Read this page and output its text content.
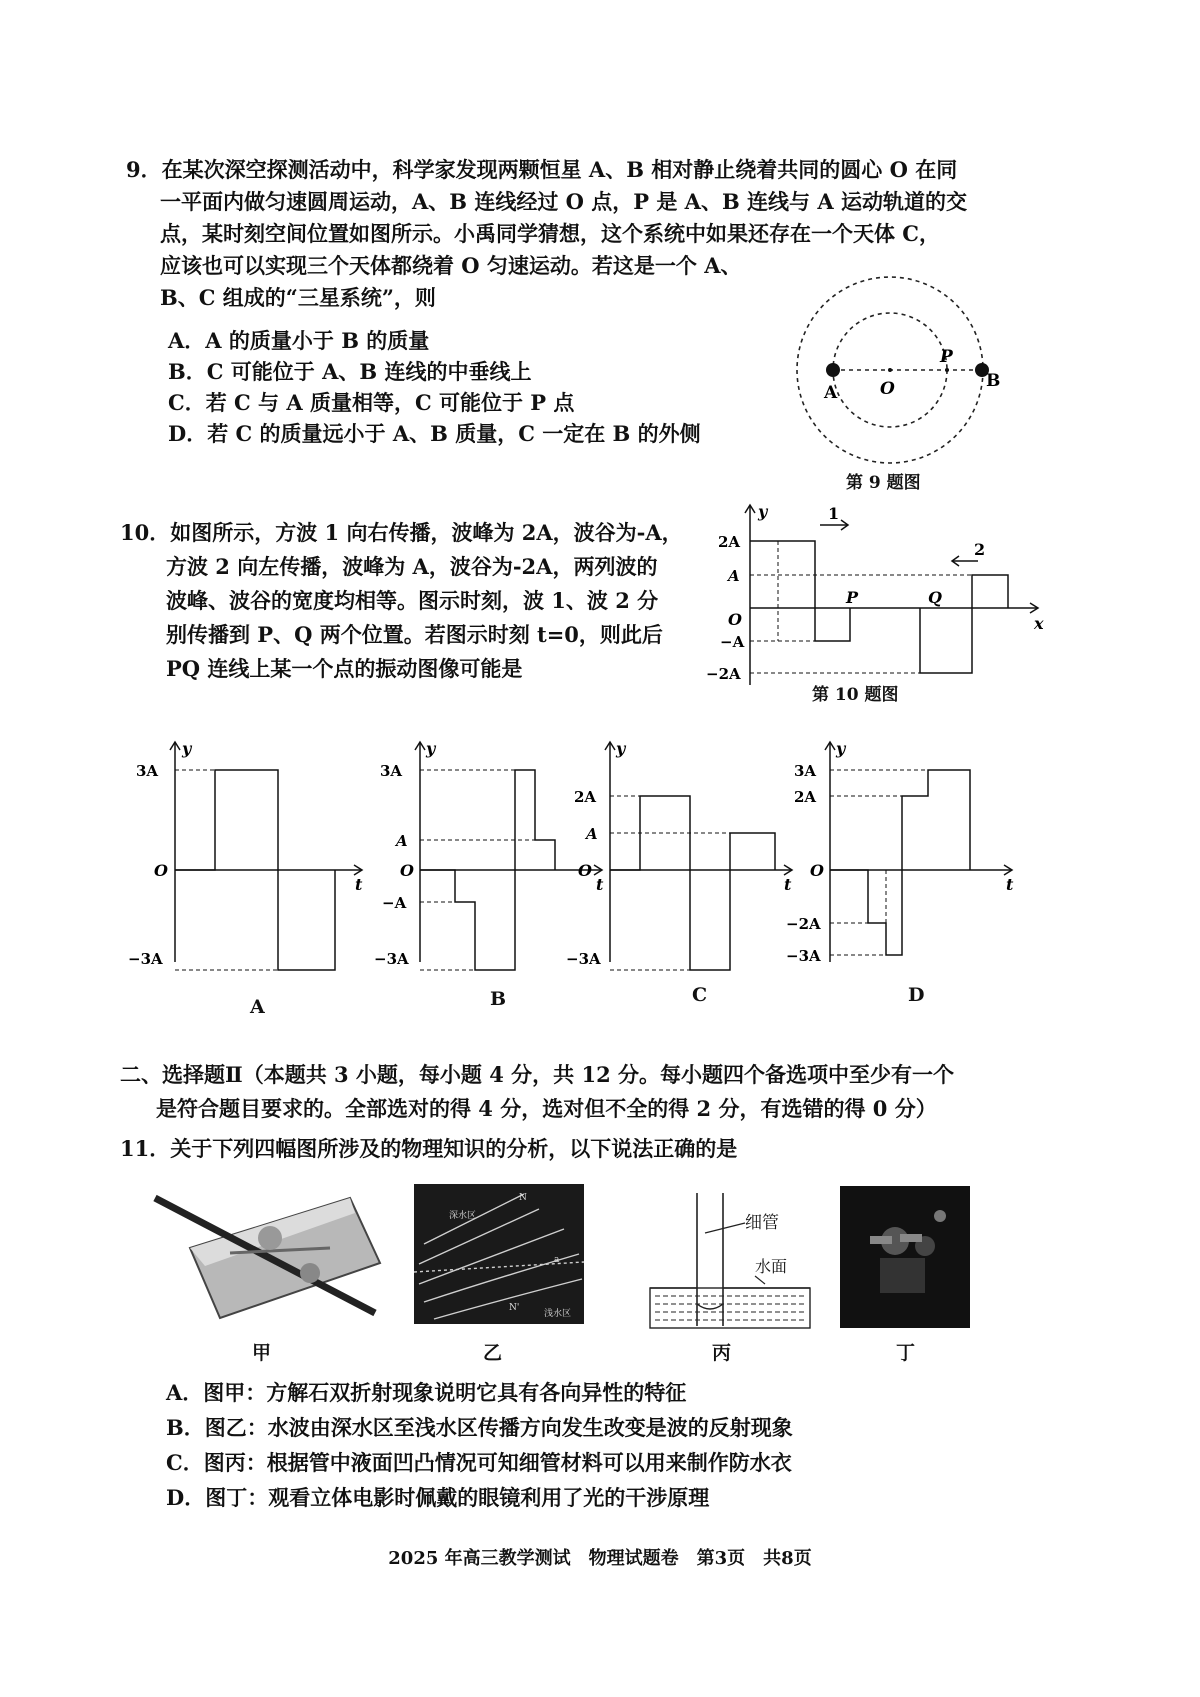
9．在某次深空探测活动中，科学家发现两颗恒星 A、B 相对静止绕着共同的圆心 O 在同
一平面内做匀速圆周运动，A、B 连线经过 O 点，P 是 A、B 连线与 A 运动轨道的交
点，某时刻空间位置如图所示。小禹同学猜想，这个系统中如果还存在一个天体 C，
应该也可以实现三个天体都绕着 O 匀速运动。若这是一个 A、
B、C 组成的“三星系统”，则
A．A 的质量小于 B 的质量
B．C 可能位于 A、B 连线的中垂线上
C．若 C 与 A 质量相等，C 可能位于 P 点
D．若 C 的质量远小于 A、B 质量，C 一定在 B 的外侧
A	O
P
B
第 9 题图
10．如图所示，方波 1 向右传播，波峰为 2A，波谷为-A，
方波 2 向左传播，波峰为 A，波谷为-2A，两列波的
波峰、波谷的宽度均相等。图示时刻，波 1、波 2 分
别传播到 P、Q 两个位置。若图示时刻 t=0，则此后
PQ 连线上某一个点的振动图像可能是
y
x
O
2A
A
−A
−2A
1
2
P	Q
第 10 题图
y
t
O
3A
−3A
A
y
t
O
3A
A
−A
−3A
B
y
t
O
2A
A
−3A
C
y
t
O
3A
2A
−2A
−3A
D
二、选择题Ⅱ（本题共 3 小题，每小题 4 分，共 12 分。每小题四个备选项中至少有一个
是符合题目要求的。全部选对的得 4 分，选对但不全的得 2 分，有选错的得 0 分）
11．关于下列四幅图所涉及的物理知识的分析，以下说法正确的是
甲
深水区
浅水区
N
N'
a
乙
细管
水面
丙	丁
A．图甲：方解石双折射现象说明它具有各向异性的特征
B．图乙：水波由深水区至浅水区传播方向发生改变是波的反射现象
C．图丙：根据管中液面凹凸情况可知细管材料可以用来制作防水衣
D．图丁：观看立体电影时佩戴的眼镜利用了光的干涉原理
2025 年高三教学测试　物理试题卷　第3页　共8页
